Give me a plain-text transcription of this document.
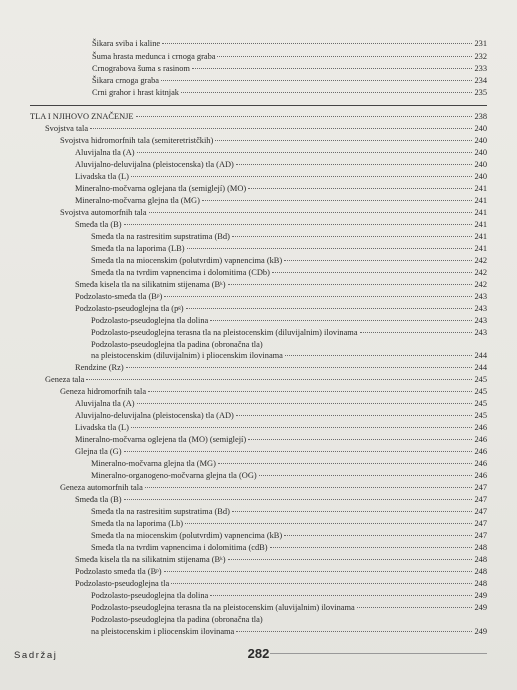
Šikara sviba i kaline	231
Šuma hrasta medunca i crnoga graba	232
Crnograbova šuma s rasinom	233
Šikara crnoga graba	234
Crni grahor i hrast kitnjak	235
TLA I NJIHOVO ZNAČENJE	238
Svojstva tala	240
Svojstva hidromorfnih tala (semiteretristčkih)	240
Aluvijalna tla (A)	240
Aluvijalno-deluvijalna (pleistocenska) tla (AD)	240
Livadska tla (L)	240
Mineralno-močvarna oglejana tla (semiglejí) (MO)	241
Mineralno-močvarna glejna tla (MG)	241
Svojstva automorfnih tala	241
Smeđa tla (B)	241
Smeđa tla na rastresitim supstratima (Bd)	241
Smeđa tla na laporima (LB)	241
Smeđa tla na miocenskim (polutvrdim) vapnencima (kB)	242
Smeđa tla na tvrdim vapnencima i dolomitima (CDb)	242
Smeđa kisela tla na silikatnim stijenama (Bᵏ)	242
Podzolasto-smeđa tla (Bᵖ)	243
Podzolasto-pseudoglejna tla (pᵍ)	243
Podzolasto-pseudoglejna tla dolina	243
Podzolasto-pseudoglejna terasna tla na pleistocenskim (diluvijalnim) ilovinama	243
Podzolasto-pseudoglejna tla padina (obronačna tla)
na pleistocenskim (diluvijalnim) i pliocenskim ilovinama	244
Rendzine (Rz)	244
Geneza tala	245
Geneza hidromorfnih tala	245
Aluvijalna tla (A)	245
Aluvijalno-deluvijalna (pleistocenska) tla (AD)	245
Livadska tla (L)	246
Mineralno-močvarna oglejena tla (MO) (semiglejí)	246
Glejna tla (G)	246
Mineralno-močvarna glejna tla (MG)	246
Mineralno-organogeno-močvarna glejna tla (OG)	246
Geneza automorfnih tala	247
Smeđa tla (B)	247
Smeđa tla na rastresitim supstratima (Bd)	247
Smeđa tla na laporima (Lb)	247
Smeđa tla na miocenskim (polutvrdim) vapnencima (kB)	247
Smeđa tla na tvrdim vapnencima i dolomitima (cdB)	248
Smeđa kisela tla na silikatnim stijenama (Bᵏ)	248
Podzolasto smeđa tla (Bᵖ)	248
Podzolasto-pseudoglejna tla	248
Podzolasto-pseudoglejna tla dolina	249
Podzolasto-pseudoglejna terasna tla na pleistocenskim (aluvijalnim) ilovinama	249
Podzolasto-pseudoglejna tla padina (obronačna tla)
na pleistocenskim i pliocenskim ilovinama	249
Sadržaj	282
